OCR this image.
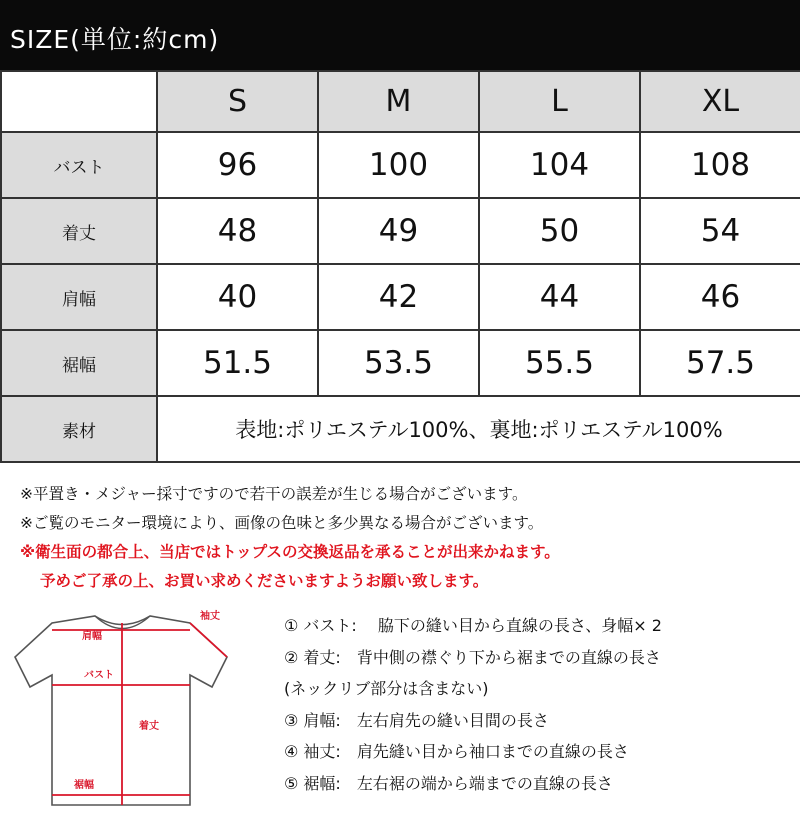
SIZE(単位:約cm)
	S	M	L	XL
バスト	96	100	104	108
着丈	48	49	50	54
肩幅	40	42	44	46
裾幅	51.5	53.5	55.5	57.5
素材	表地:ポリエステル100%、裏地:ポリエステル100%			
※平置き・メジャー採寸ですので若干の誤差が生じる場合がございます。
※ご覧のモニター環境により、画像の色味と多少異なる場合がございます。
※衛生面の都合上、当店ではトップスの交換返品を承ることが出来かねます。
予めご了承の上、お買い求めくださいますようお願い致します。
袖丈
肩幅
バスト
着丈
裾幅
① バスト:　 脇下の縫い目から直線の長さ、身幅× 2
② 着丈:　背中側の襟ぐり下から裾までの直線の長さ
(ネックリブ部分は含まない)
③ 肩幅:　左右肩先の縫い目間の長さ
④ 袖丈:　肩先縫い目から袖口までの直線の長さ
⑤ 裾幅:　左右裾の端から端までの直線の長さ
